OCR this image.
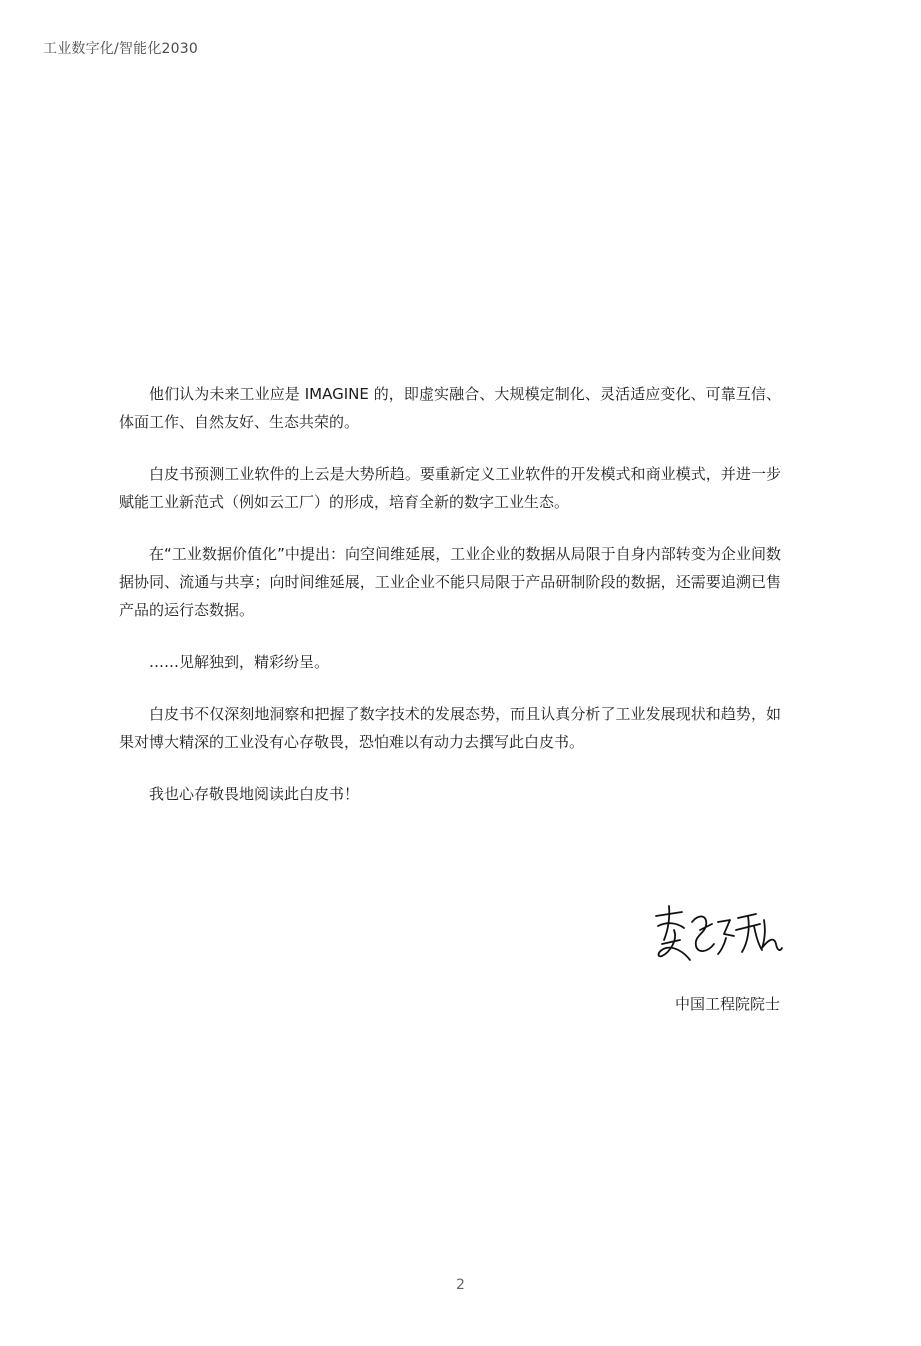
工业数字化/智能化2030

他们认为未来工业应是 IMAGINE 的，即虚实融合、大规模定制化、灵活适应变化、可靠互信、体面工作、自然友好、生态共荣的。

白皮书预测工业软件的上云是大势所趋。要重新定义工业软件的开发模式和商业模式，并进一步赋能工业新范式（例如云工厂）的形成，培育全新的数字工业生态。

在“工业数据价值化”中提出：向空间维延展，工业企业的数据从局限于自身内部转变为企业间数据协同、流通与共享；向时间维延展，工业企业不能只局限于产品研制阶段的数据，还需要追溯已售产品的运行态数据。

……见解独到，精彩纷呈。

白皮书不仅深刻地洞察和把握了数字技术的发展态势，而且认真分析了工业发展现状和趋势，如果对博大精深的工业没有心存敬畏，恐怕难以有动力去撰写此白皮书。

我也心存敬畏地阅读此白皮书！

中国工程院院士
2
